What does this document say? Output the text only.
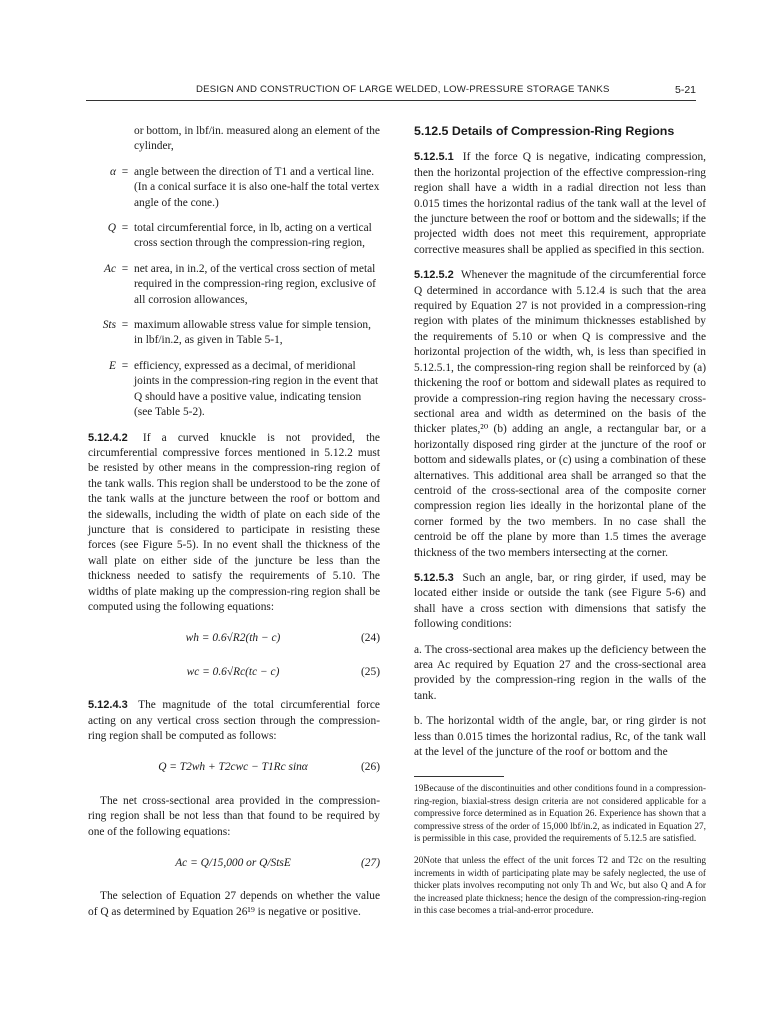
DESIGN AND CONSTRUCTION OF LARGE WELDED, LOW-PRESSURE STORAGE TANKS	5-21

or bottom, in lbf/in. measured along an element of the cylinder,

α = angle between the direction of T1 and a vertical line. (In a conical surface it is also one-half the total vertex angle of the cone.)
Q = total circumferential force, in lb, acting on a vertical cross section through the compression-ring region,
Ac = net area, in in.2, of the vertical cross section of metal required in the compression-ring region, exclusive of all corrosion allowances,
Sts = maximum allowable stress value for simple tension, in lbf/in.2, as given in Table 5-1,
E = efficiency, expressed as a decimal, of meridional joints in the compression-ring region in the event that Q should have a positive value, indicating tension (see Table 5-2).

5.12.4.2 If a curved knuckle is not provided, the circumferential compressive forces mentioned in 5.12.2 must be resisted by other means in the compression-ring region of the tank walls. This region shall be understood to be the zone of the tank walls at the juncture between the roof or bottom and the sidewalls, including the width of plate on each side of the juncture that is considered to participate in resisting these forces (see Figure 5-5). In no event shall the thickness of the wall plate on either side of the juncture be less than the thickness needed to satisfy the requirements of 5.10. The widths of plate making up the compression-ring region shall be computed using the following equations:

wh = 0.6√R2(th − c)	(24)
wc = 0.6√Rc(tc − c)	(25)

5.12.4.3 The magnitude of the total circumferential force acting on any vertical cross section through the compression-ring region shall be computed as follows:

Q = T2wh + T2cwc − T1Rc sinα	(26)

The net cross-sectional area provided in the compression-ring region shall be not less than that found to be required by one of the following equations:

Ac = Q/15,000 or Q/StsE	(27)

The selection of Equation 27 depends on whether the value of Q as determined by Equation 26¹⁹ is negative or positive.

5.12.5 Details of Compression-Ring Regions

5.12.5.1 If the force Q is negative, indicating compression, then the horizontal projection of the effective compression-ring region shall have a width in a radial direction not less than 0.015 times the horizontal radius of the tank wall at the level of the juncture between the roof or bottom and the sidewalls; if the projected width does not meet this requirement, appropriate corrective measures shall be applied as specified in this section.

5.12.5.2 Whenever the magnitude of the circumferential force Q determined in accordance with 5.12.4 is such that the area required by Equation 27 is not provided in a compression-ring region with plates of the minimum thicknesses established by the requirements of 5.10 or when Q is compressive and the horizontal projection of the width, wh, is less than specified in 5.12.5.1, the compression-ring region shall be reinforced by (a) thickening the roof or bottom and sidewall plates as required to provide a compression-ring region having the necessary cross-sectional area and width as determined on the basis of the thicker plates,²⁰ (b) adding an angle, a rectangular bar, or a horizontally disposed ring girder at the juncture of the roof or bottom and sidewalls plates, or (c) using a combination of these alternatives. This additional area shall be arranged so that the centroid of the cross-sectional area of the composite corner compression region lies ideally in the horizontal plane of the corner formed by the two members. In no case shall the centroid be off the plane by more than 1.5 times the average thickness of the two members intersecting at the corner.

5.12.5.3 Such an angle, bar, or ring girder, if used, may be located either inside or outside the tank (see Figure 5-6) and shall have a cross section with dimensions that satisfy the following conditions:

a. The cross-sectional area makes up the deficiency between the area Ac required by Equation 27 and the cross-sectional area provided by the compression-ring region in the walls of the tank.

b. The horizontal width of the angle, bar, or ring girder is not less than 0.015 times the horizontal radius, Rc, of the tank wall at the level of the juncture of the roof or bottom and the

19Because of the discontinuities and other conditions found in a compression-ring-region, biaxial-stress design criteria are not considered applicable for a compressive force determined as in Equation 26. Experience has shown that a compressive stress of the order of 15,000 lbf/in.2, as indicated in Equation 27, is permissible in this case, provided the requirements of 5.12.5 are satisfied.

20Note that unless the effect of the unit forces T2 and T2c on the resulting increments in width of participating plate may be safely neglected, the use of thicker plats involves recomputing not only Th and Wc, but also Q and A for the increased plate thickness; hence the design of the compression-ring-region in this case becomes a trial-and-error procedure.
